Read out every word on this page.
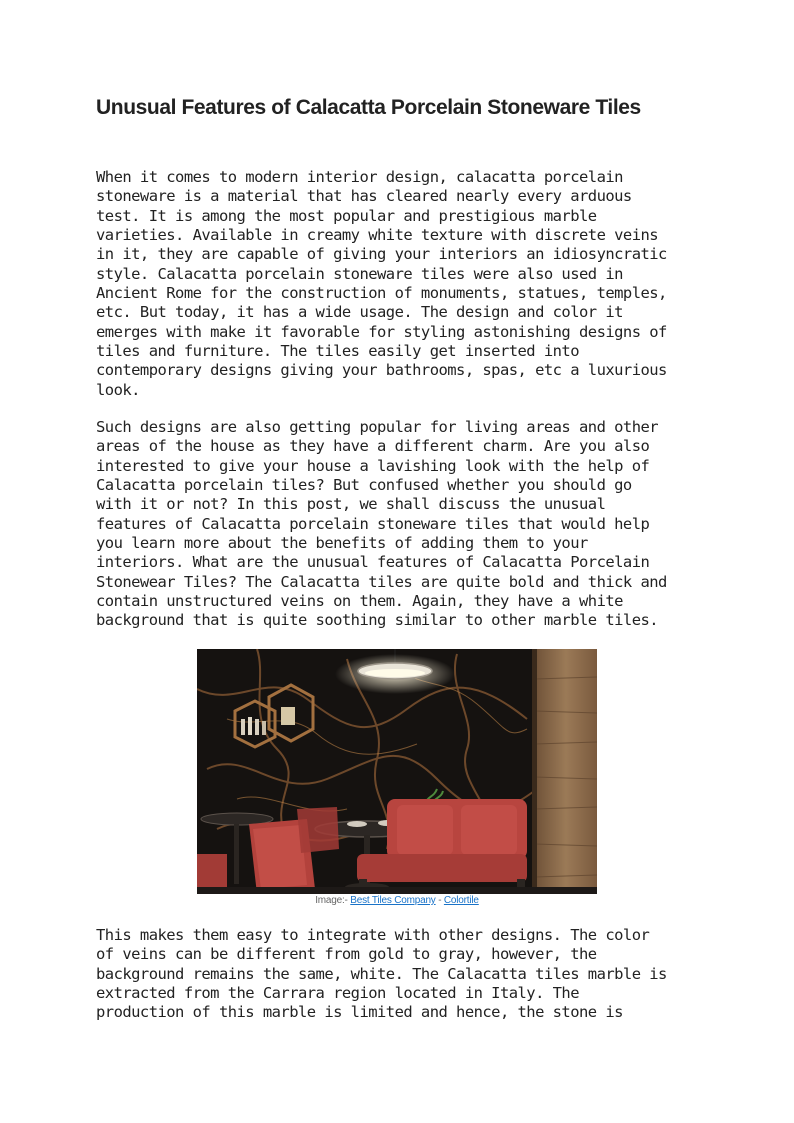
Unusual Features of Calacatta Porcelain Stoneware Tiles

When it comes to modern interior design, calacatta porcelain
stoneware is a material that has cleared nearly every arduous
test. It is among the most popular and prestigious marble
varieties. Available in creamy white texture with discrete veins
in it, they are capable of giving your interiors an idiosyncratic
style. Calacatta porcelain stoneware tiles were also used in
Ancient Rome for the construction of monuments, statues, temples,
etc. But today, it has a wide usage. The design and color it
emerges with make it favorable for styling astonishing designs of
tiles and furniture. The tiles easily get inserted into
contemporary designs giving your bathrooms, spas, etc a luxurious
look.

Such designs are also getting popular for living areas and other
areas of the house as they have a different charm. Are you also
interested to give your house a lavishing look with the help of
Calacatta porcelain tiles? But confused whether you should go
with it or not? In this post, we shall discuss the unusual
features of Calacatta porcelain stoneware tiles that would help
you learn more about the benefits of adding them to your
interiors. What are the unusual features of Calacatta Porcelain
Stonewear Tiles? The Calacatta tiles are quite bold and thick and
contain unstructured veins on them. Again, they have a white
background that is quite soothing similar to other marble tiles.

Image:- Best Tiles Company - Colortile

This makes them easy to integrate with other designs. The color
of veins can be different from gold to gray, however, the
background remains the same, white. The Calacatta tiles marble is
extracted from the Carrara region located in Italy. The
production of this marble is limited and hence, the stone is
